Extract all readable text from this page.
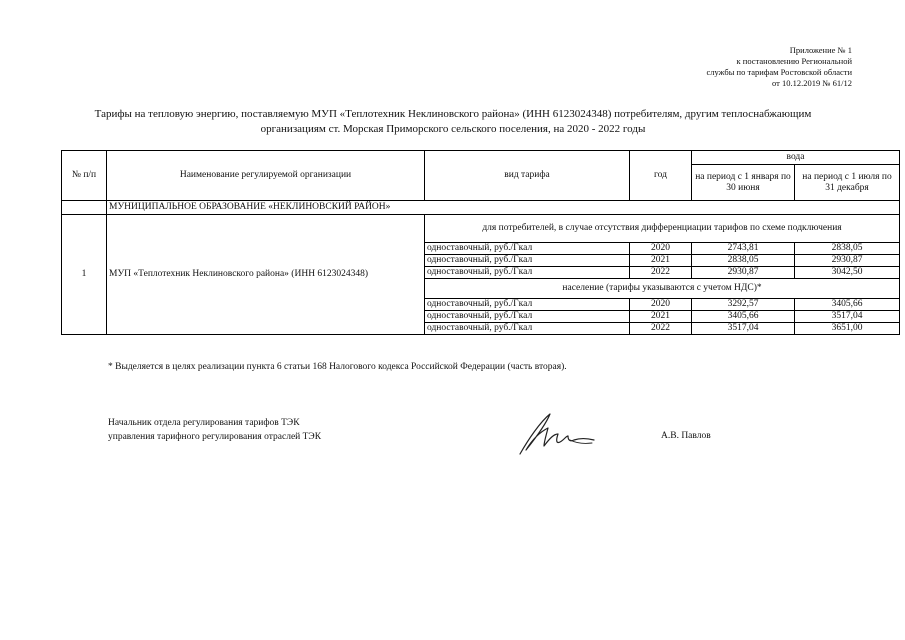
Приложение № 1
к постановлению Региональной
службы по тарифам Ростовской области
от 10.12.2019 № 61/12
Тарифы на тепловую энергию, поставляемую МУП «Теплотехник Неклиновского района» (ИНН 6123024348) потребителям, другим теплоснабжающим
организациям ст. Морская Приморского сельского поселения, на 2020 - 2022 годы
№ п/п	Наименование регулируемой организации	вид тарифа	год	вода	
				на период с 1 января по 30 июня	на период с 1 июля по 31 декабря
	МУНИЦИПАЛЬНОЕ ОБРАЗОВАНИЕ «НЕКЛИНОВСКИЙ РАЙОН»				
1	МУП «Теплотехник Неклиновского района» (ИНН 6123024348)	для потребителей, в случае отсутствия дифференциации тарифов по схеме подключения			
		одноставочный, руб./Гкал	2020	2743,81	2838,05
		одноставочный, руб./Гкал	2021	2838,05	2930,87
		одноставочный, руб./Гкал	2022	2930,87	3042,50
		население (тарифы указываются с учетом НДС)*			
		одноставочный, руб./Гкал	2020	3292,57	3405,66
		одноставочный, руб./Гкал	2021	3405,66	3517,04
		одноставочный, руб./Гкал	2022	3517,04	3651,00
* Выделяется в целях реализации пункта 6 статьи 168 Налогового кодекса Российской Федерации (часть вторая).
Начальник отдела регулирования тарифов ТЭК
управления тарифного регулирования отраслей ТЭК	А.В. Павлов
